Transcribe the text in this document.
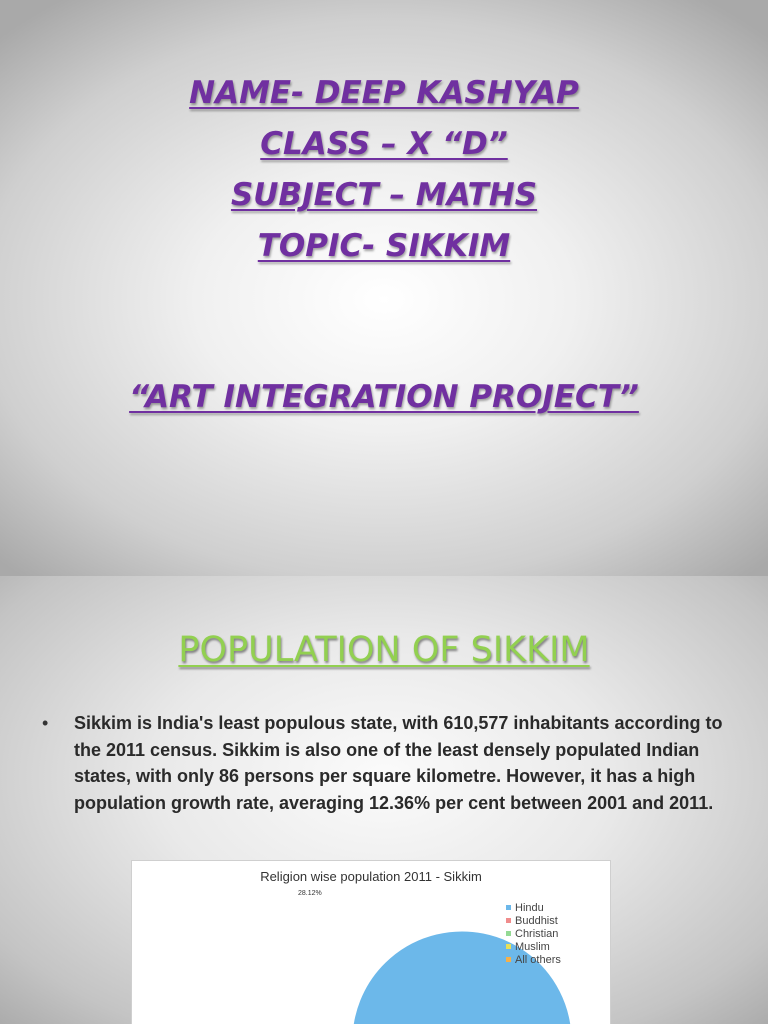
NAME- DEEP KASHYAP
CLASS – X “D”
SUBJECT – MATHS
TOPIC- SIKKIM
“ART INTEGRATION PROJECT”
POPULATION OF SIKKIM
•	Sikkim is India's least populous state, with 610,577 inhabitants according to the 2011 census. Sikkim is also one of the least densely populated Indian states, with only 86 persons per square kilometre. However, it has a high population growth rate, averaging 12.36% per cent between 2001 and 2011.
Religion wise population 2011 - Sikkim
28.12%
Hindu
Buddhist
Christian
Muslim
All others
